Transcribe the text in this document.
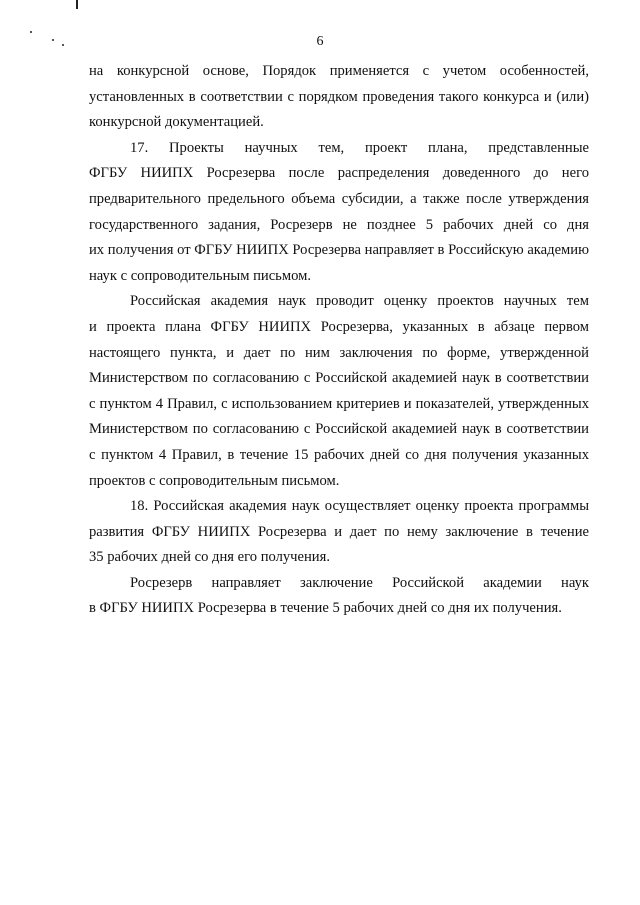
6
на конкурсной основе, Порядок применяется с учетом особенностей,
установленных в соответствии с порядком проведения такого конкурса и (или)
конкурсной документацией.
17. Проекты научных тем, проект плана, представленные
ФГБУ НИИПХ Росрезерва после распределения доведенного до него
предварительного предельного объема субсидии, а также после утверждения
государственного задания, Росрезерв не позднее 5 рабочих дней со дня
их получения от ФГБУ НИИПХ Росрезерва направляет в Российскую академию
наук с сопроводительным письмом.
Российская академия наук проводит оценку проектов научных тем
и проекта плана ФГБУ НИИПХ Росрезерва, указанных в абзаце первом
настоящего пункта, и дает по ним заключения по форме, утвержденной
Министерством по согласованию с Российской академией наук в соответствии
с пунктом 4 Правил, с использованием критериев и показателей, утвержденных
Министерством по согласованию с Российской академией наук в соответствии
с пунктом 4 Правил, в течение 15 рабочих дней со дня получения указанных
проектов с сопроводительным письмом.
18. Российская академия наук осуществляет оценку проекта программы
развития ФГБУ НИИПХ Росрезерва и дает по нему заключение в течение
35 рабочих дней со дня его получения.
Росрезерв направляет заключение Российской академии наук
в ФГБУ НИИПХ Росрезерва в течение 5 рабочих дней со дня их получения.
